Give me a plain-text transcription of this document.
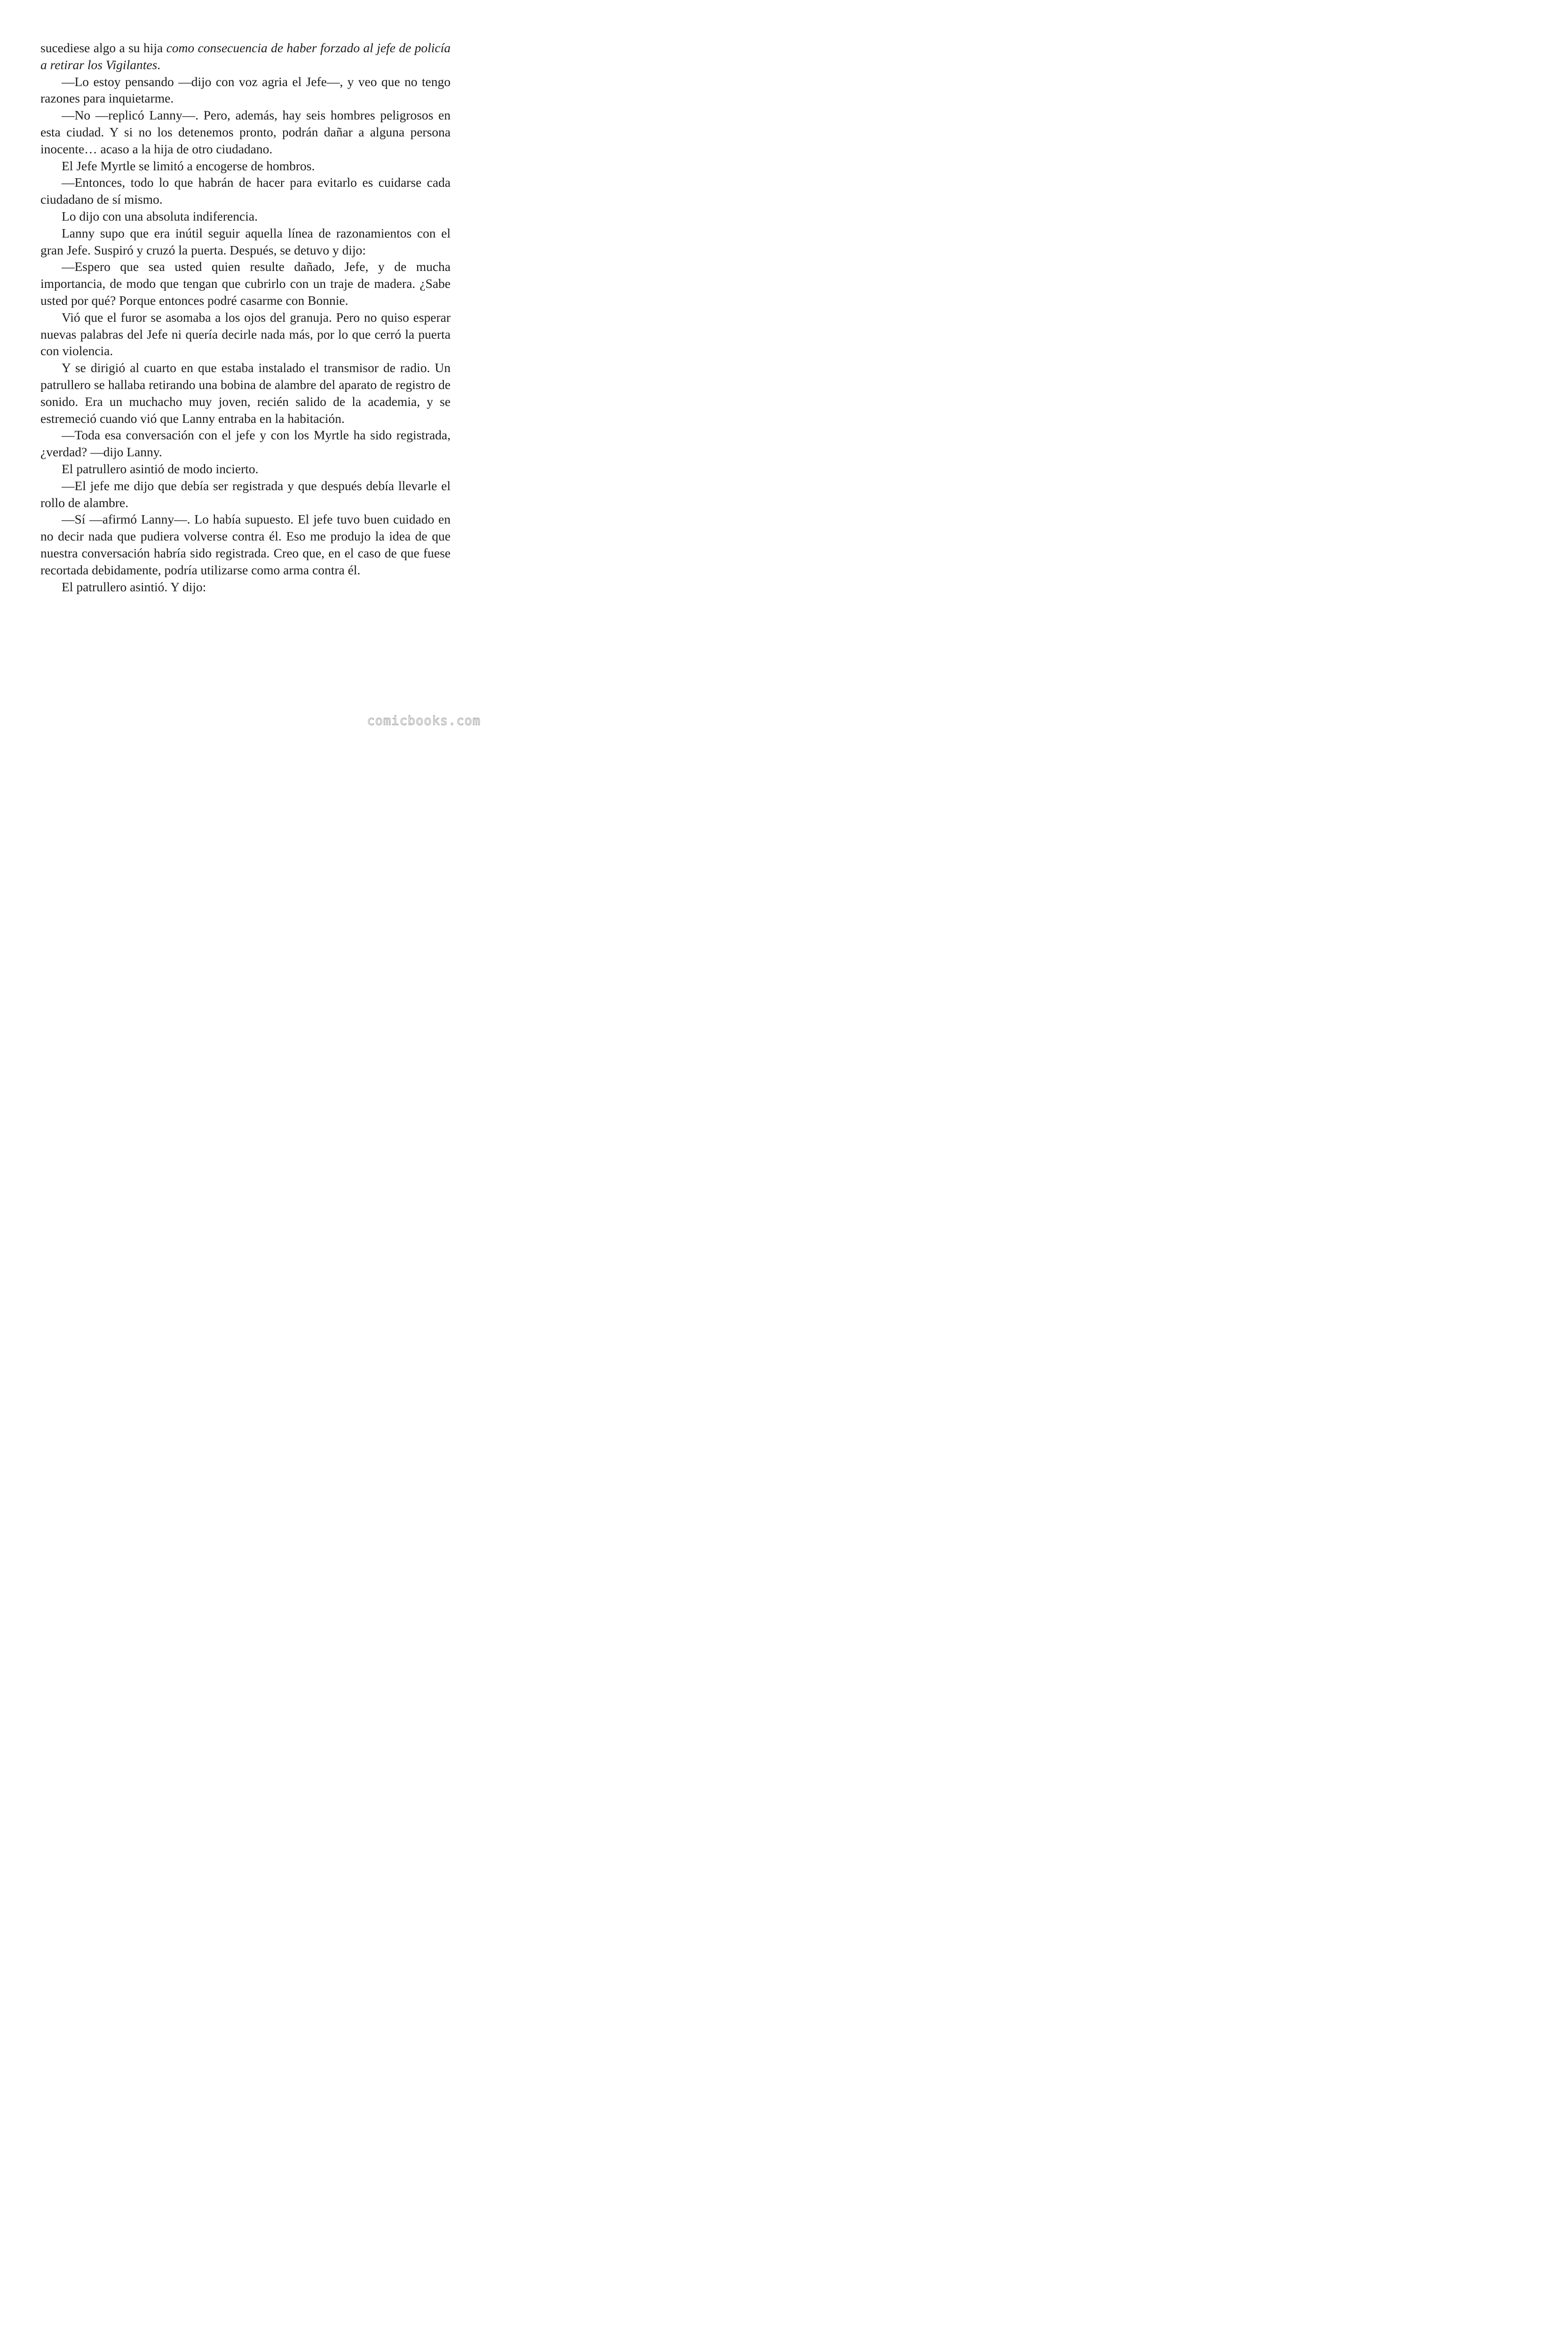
sucediese algo a su hija como consecuencia de haber forzado al jefe de policía a retirar los Vigilantes.

—Lo estoy pensando —dijo con voz agria el Jefe—, y veo que no tengo razones para inquietarme.

—No —replicó Lanny—. Pero, además, hay seis hombres peligrosos en esta ciudad. Y si no los detenemos pronto, podrán dañar a alguna persona inocente… acaso a la hija de otro ciudadano.

El Jefe Myrtle se limitó a encogerse de hombros.

—Entonces, todo lo que habrán de hacer para evitarlo es cuidarse cada ciudadano de sí mismo.

Lo dijo con una absoluta indiferencia.

Lanny supo que era inútil seguir aquella línea de razonamientos con el gran Jefe. Suspiró y cruzó la puerta. Después, se detuvo y dijo:

—Espero que sea usted quien resulte dañado, Jefe, y de mucha importancia, de modo que tengan que cubrirlo con un traje de madera. ¿Sabe usted por qué? Porque entonces podré casarme con Bonnie.

Vió que el furor se asomaba a los ojos del granuja. Pero no quiso esperar nuevas palabras del Jefe ni quería decirle nada más, por lo que cerró la puerta con violencia.

Y se dirigió al cuarto en que estaba instalado el transmisor de radio. Un patrullero se hallaba retirando una bobina de alambre del aparato de registro de sonido. Era un muchacho muy joven, recién salido de la academia, y se estremeció cuando vió que Lanny entraba en la habitación.

—Toda esa conversación con el jefe y con los Myrtle ha sido registrada, ¿verdad? —dijo Lanny.

El patrullero asintió de modo incierto.

—El jefe me dijo que debía ser registrada y que después debía llevarle el rollo de alambre.

—Sí —afirmó Lanny—. Lo había supuesto. El jefe tuvo buen cuidado en no decir nada que pudiera volverse contra él. Eso me produjo la idea de que nuestra conversación habría sido registrada. Creo que, en el caso de que fuese recortada debidamente, podría utilizarse como arma contra él.

El patrullero asintió. Y dijo:

comicbooks.com
